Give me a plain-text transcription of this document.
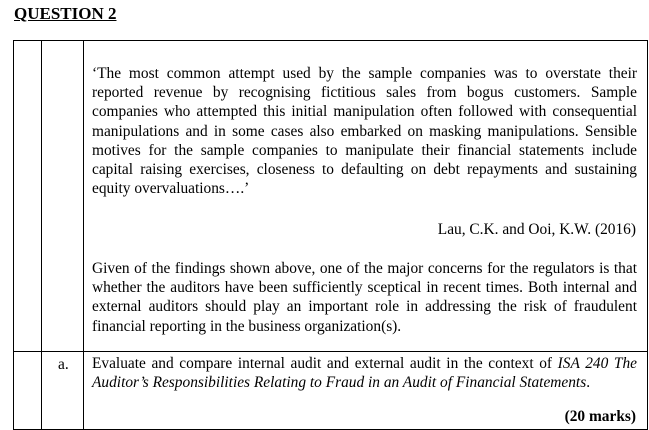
QUESTION 2
‘The most common attempt used by the sample companies was to overstate their reported revenue by recognising fictitious sales from bogus customers. Sample companies who attempted this initial manipulation often followed with consequential manipulations and in some cases also embarked on masking manipulations. Sensible motives for the sample companies to manipulate their financial statements include capital raising exercises, closeness to defaulting on debt repayments and sustaining equity overvaluations….’
Lau, C.K. and Ooi, K.W. (2016)
Given of the findings shown above, one of the major concerns for the regulators is that whether the auditors have been sufficiently sceptical in recent times. Both internal and external auditors should play an important role in addressing the risk of fraudulent financial reporting in the business organization(s).
a. Evaluate and compare internal audit and external audit in the context of ISA 240 The Auditor’s Responsibilities Relating to Fraud in an Audit of Financial Statements.
(20 marks)
